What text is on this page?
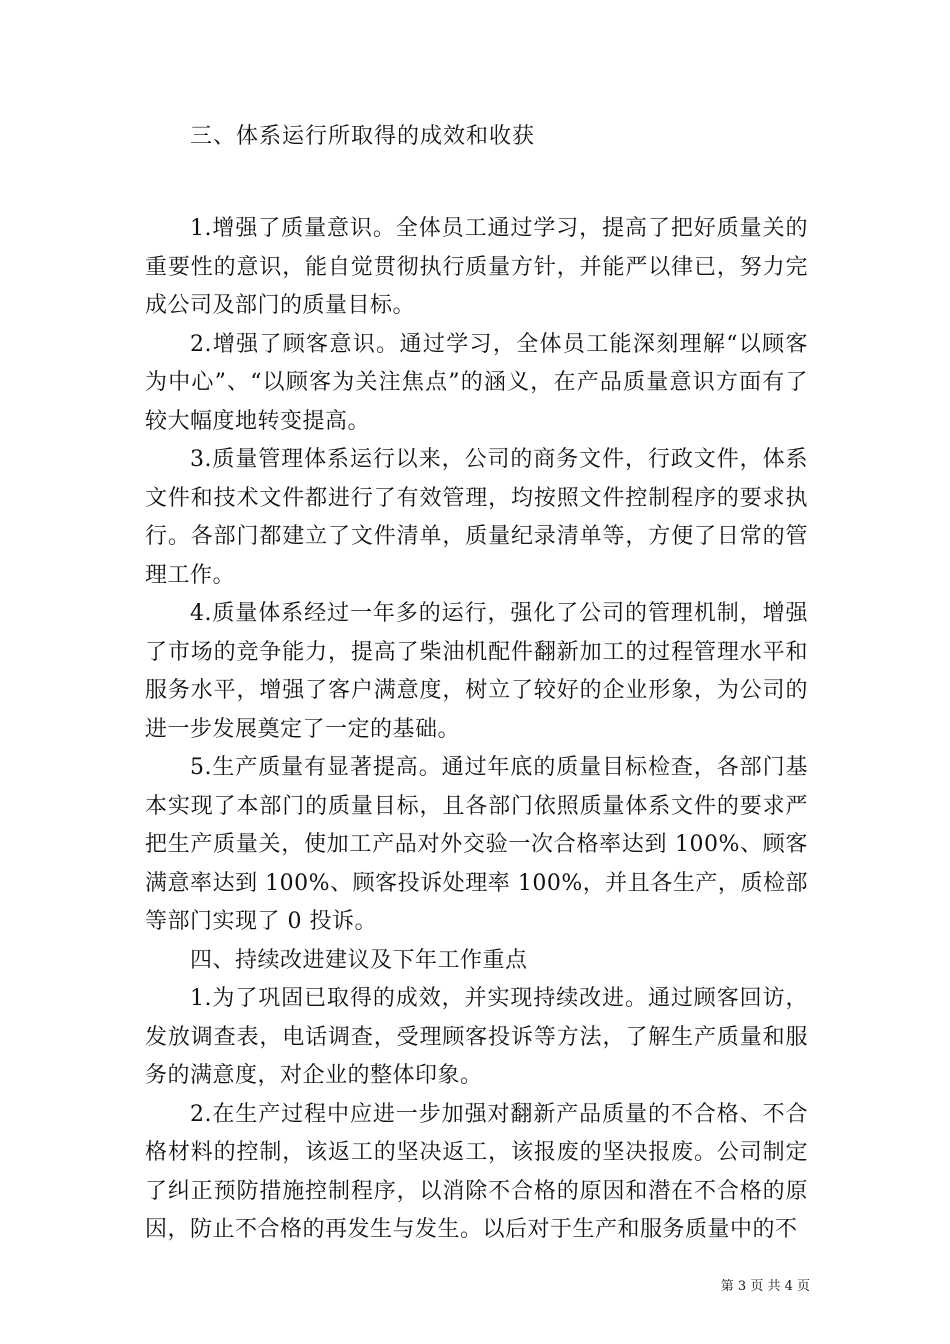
三、体系运行所取得的成效和收获

1.增强了质量意识。全体员工通过学习，提高了把好质量关的重要性的意识，能自觉贯彻执行质量方针，并能严以律已，努力完成公司及部门的质量目标。

2.增强了顾客意识。通过学习，全体员工能深刻理解“以顾客为中心”、“以顾客为关注焦点”的涵义，在产品质量意识方面有了较大幅度地转变提高。

3.质量管理体系运行以来，公司的商务文件，行政文件，体系文件和技术文件都进行了有效管理，均按照文件控制程序的要求执行。各部门都建立了文件清单，质量纪录清单等，方便了日常的管理工作。

4.质量体系经过一年多的运行，强化了公司的管理机制，增强了市场的竞争能力，提高了柴油机配件翻新加工的过程管理水平和服务水平，增强了客户满意度，树立了较好的企业形象，为公司的进一步发展奠定了一定的基础。

5.生产质量有显著提高。通过年底的质量目标检查，各部门基本实现了本部门的质量目标，且各部门依照质量体系文件的要求严把生产质量关，使加工产品对外交验一次合格率达到 100%、顾客满意率达到 100%、顾客投诉处理率 100%，并且各生产，质检部等部门实现了 0 投诉。

四、持续改进建议及下年工作重点

1.为了巩固已取得的成效，并实现持续改进。通过顾客回访，发放调查表，电话调查，受理顾客投诉等方法，了解生产质量和服务的满意度，对企业的整体印象。

2.在生产过程中应进一步加强对翻新产品质量的不合格、不合格材料的控制，该返工的坚决返工，该报废的坚决报废。公司制定了纠正预防措施控制程序，以消除不合格的原因和潜在不合格的原因，防止不合格的再发生与发生。以后对于生产和服务质量中的不

第 3 页 共 4 页
